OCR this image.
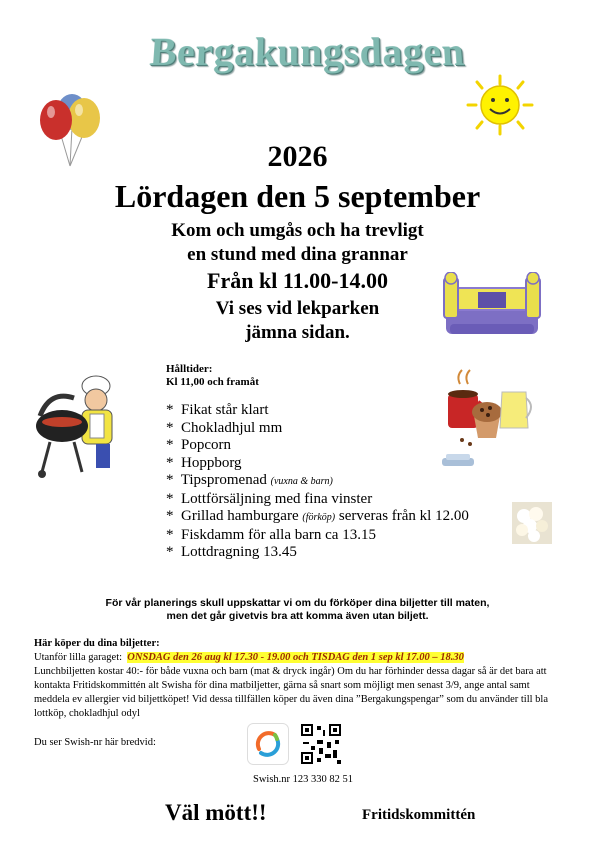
Bergakungsdagen
2026
Lördagen den 5 september
Kom och umgås och ha trevligt
en stund med dina grannar
Från kl 11.00-14.00
Vi ses vid lekparken
jämna sidan.
Hålltider:
Kl 11,00 och framåt
*  Fikat står klart
*  Chokladhjul mm
*  Popcorn
*  Hoppborg
*  Tipspromenad (vuxna & barn)
*  Lottförsäljning med fina vinster
*  Grillad hamburgare (förköp) serveras från kl 12.00
*  Fiskdamm för alla barn ca 13.15
*  Lottdragning 13.45
För vår planerings skull uppskattar vi om du förköper dina biljetter till maten,
men det går givetvis bra att komma även utan biljett.
Här köper du dina biljetter:
Utanför lilla garaget: ONSDAG den 26 aug kl 17.30 - 19.00 och TISDAG den 1 sep kl 17.00 – 18.30
Lunchbiljetten kostar 40:- för både vuxna och barn (mat & dryck ingår) Om du har förhinder dessa dagar så är det bara att kontakta Fritidskommittén alt Swisha för dina matbiljetter, gärna så snart som möjligt men senast 3/9, ange antal samt meddela ev allergier vid biljettköpet! Vid dessa tillfällen köper du även dina ”Bergakungspengar” som du använder till bla lottköp, chokladhjul odyl
Du ser Swish-nr här bredvid:
Swish.nr 123 330 82 51
Väl mött!!	Fritidskommittén
